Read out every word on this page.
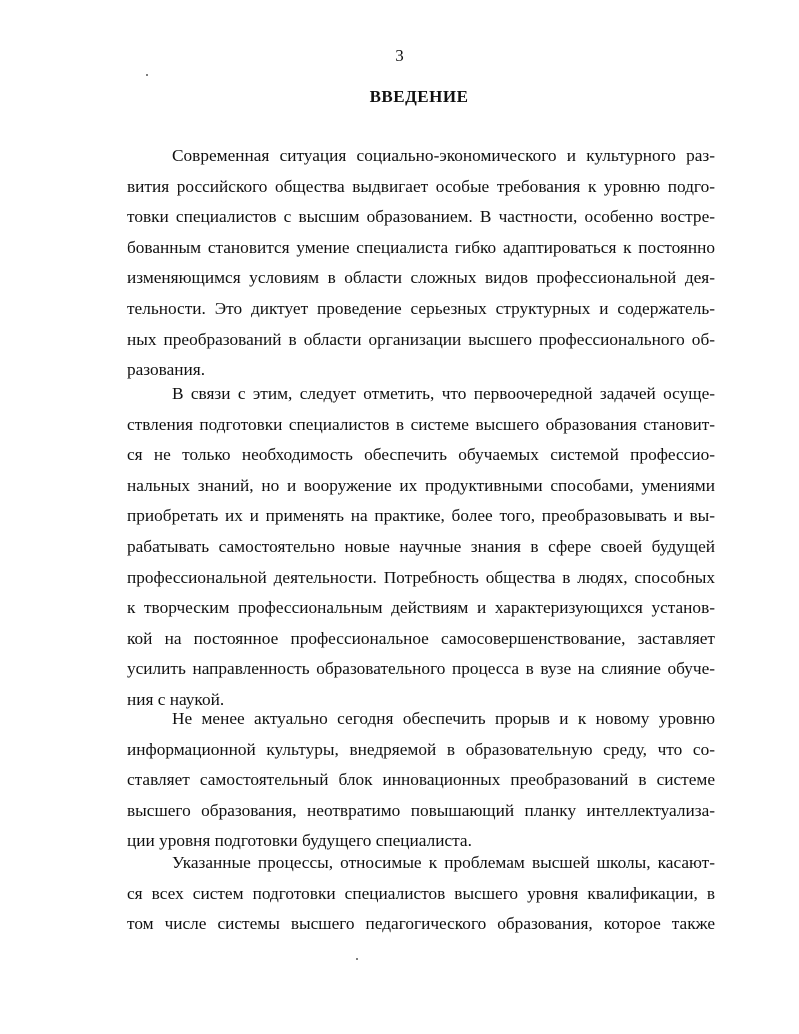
3
ВВЕДЕНИЕ
Современная ситуация социально-экономического и культурного раз-
вития российского общества выдвигает особые требования к уровню подго-
товки специалистов с высшим образованием. В частности, особенно востре-
бованным становится умение специалиста гибко адаптироваться к постоянно
изменяющимся условиям в области сложных видов профессиональной дея-
тельности. Это диктует проведение серьезных структурных и содержатель-
ных преобразований в области организации высшего профессионального об-
разования.
В связи с этим, следует отметить, что первоочередной задачей осуще-
ствления подготовки специалистов в системе высшего образования становит-
ся не только необходимость обеспечить обучаемых системой профессио-
нальных знаний, но и вооружение их продуктивными способами, умениями
приобретать их и применять на практике, более того, преобразовывать и вы-
рабатывать самостоятельно новые научные знания в сфере своей будущей
профессиональной деятельности. Потребность общества в людях, способных
к творческим профессиональным действиям и характеризующихся установ-
кой на постоянное профессиональное самосовершенствование, заставляет
усилить направленность образовательного процесса в вузе на слияние обуче-
ния с наукой.
Не менее актуально сегодня обеспечить прорыв и к новому уровню
информационной культуры, внедряемой в образовательную среду, что со-
ставляет самостоятельный блок инновационных преобразований в системе
высшего образования, неотвратимо повышающий планку интеллектуализа-
ции уровня подготовки будущего специалиста.
Указанные процессы, относимые к проблемам высшей школы, касают-
ся всех систем подготовки специалистов высшего уровня квалификации, в
том числе системы высшего педагогического образования, которое также
